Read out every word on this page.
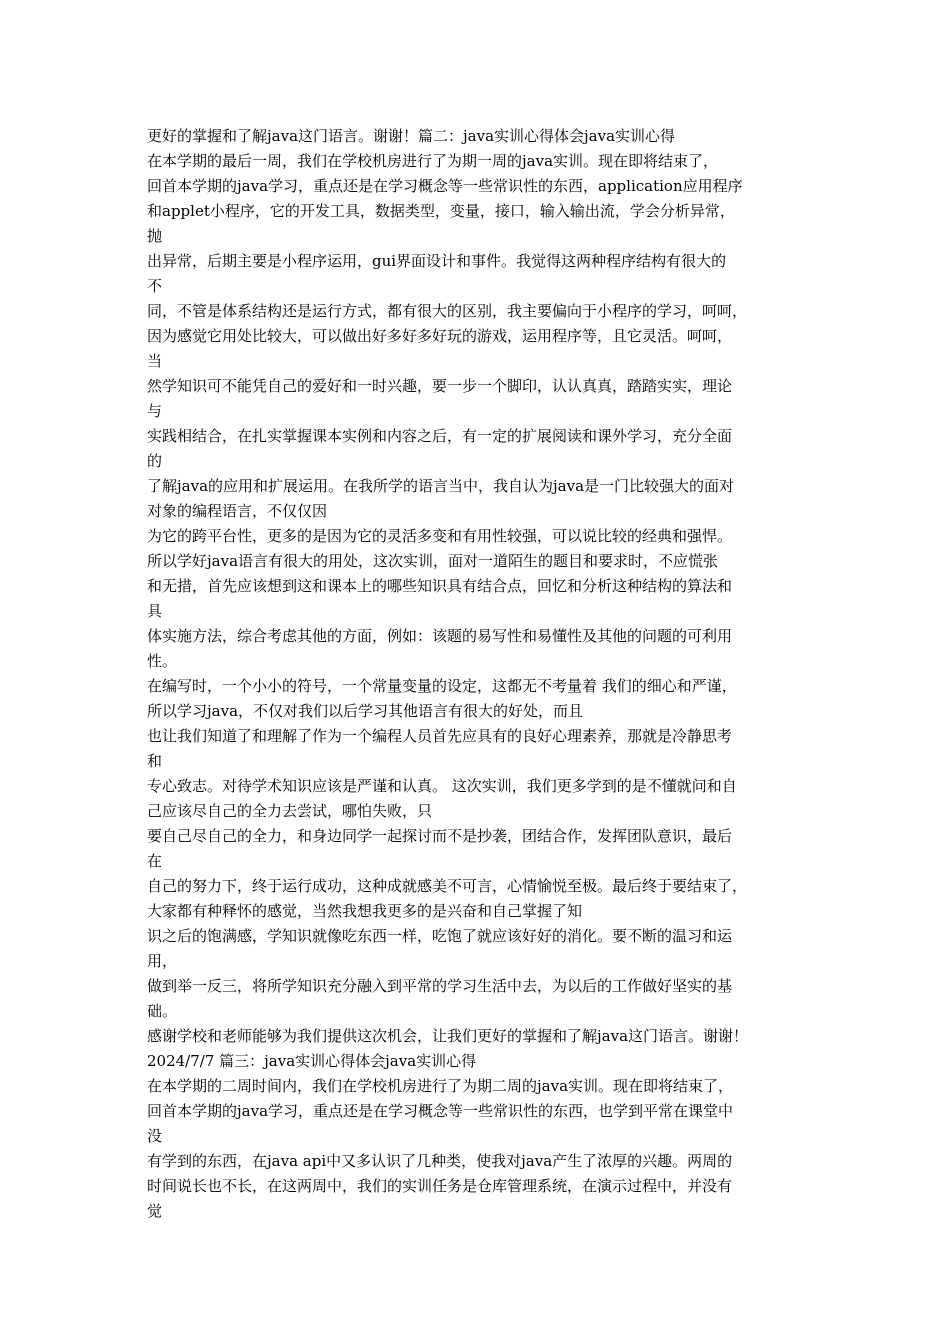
更好的掌握和了解java这门语言。谢谢！篇二：java实训心得体会java实训心得
在本学期的最后一周，我们在学校机房进行了为期一周的java实训。现在即将结束了，
回首本学期的java学习，重点还是在学习概念等一些常识性的东西，application应用程序
和applet小程序，它的开发工具，数据类型，变量，接口，输入输出流，学会分析异常，
抛
出异常，后期主要是小程序运用，gui界面设计和事件。我觉得这两种程序结构有很大的
不
同，不管是体系结构还是运行方式，都有很大的区别，我主要偏向于小程序的学习，呵呵，
因为感觉它用处比较大，可以做出好多好多好玩的游戏，运用程序等，且它灵活。呵呵，
当
然学知识可不能凭自己的爱好和一时兴趣，要一步一个脚印，认认真真，踏踏实实，理论
与
实践相结合，在扎实掌握课本实例和内容之后，有一定的扩展阅读和课外学习，充分全面
的
了解java的应用和扩展运用。在我所学的语言当中，我自认为java是一门比较强大的面对
对象的编程语言，不仅仅因
为它的跨平台性，更多的是因为它的灵活多变和有用性较强，可以说比较的经典和强悍。
所以学好java语言有很大的用处，这次实训，面对一道陌生的题目和要求时，不应慌张
和无措，首先应该想到这和课本上的哪些知识具有结合点，回忆和分析这种结构的算法和
具
体实施方法，综合考虑其他的方面，例如：该题的易写性和易懂性及其他的问题的可利用
性。
在编写时，一个小小的符号，一个常量变量的设定，这都无不考量着 我们的细心和严谨，
所以学习java，不仅对我们以后学习其他语言有很大的好处，而且
也让我们知道了和理解了作为一个编程人员首先应具有的良好心理素养，那就是冷静思考
和
专心致志。对待学术知识应该是严谨和认真。 这次实训，我们更多学到的是不懂就问和自
己应该尽自己的全力去尝试，哪怕失败，只
要自己尽自己的全力，和身边同学一起探讨而不是抄袭，团结合作，发挥团队意识，最后
在
自己的努力下，终于运行成功，这种成就感美不可言，心情愉悦至极。最后终于要结束了，
大家都有种释怀的感觉，当然我想我更多的是兴奋和自己掌握了知
识之后的饱满感，学知识就像吃东西一样，吃饱了就应该好好的消化。要不断的温习和运
用，
做到举一反三，将所学知识充分融入到平常的学习生活中去，为以后的工作做好坚实的基
础。
感谢学校和老师能够为我们提供这次机会，让我们更好的掌握和了解java这门语言。谢谢！
2024/7/7 篇三：java实训心得体会java实训心得
在本学期的二周时间内，我们在学校机房进行了为期二周的java实训。现在即将结束了，
回首本学期的java学习，重点还是在学习概念等一些常识性的东西，也学到平常在课堂中
没
有学到的东西，在java api中又多认识了几种类，使我对java产生了浓厚的兴趣。两周的
时间说长也不长，在这两周中，我们的实训任务是仓库管理系统，在演示过程中，并没有
觉
